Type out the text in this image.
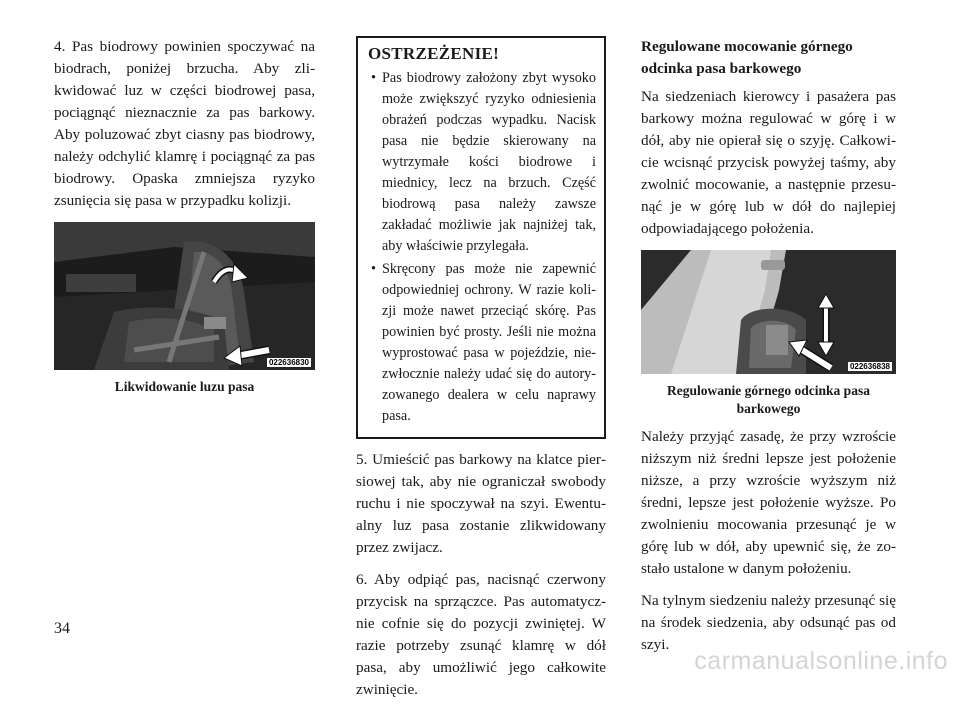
4. Pas biodrowy powinien spoczywać na biodrach, poniżej brzucha. Aby zlikwidować luz w części biodrowej pasa, pociągnąć nieznacznie za pas barkowy. Aby poluzować zbyt ciasny pas biodrowy, należy odchylić klamrę i pociągnąć za pas biodrowy. Opaska zmniejsza ryzyko zsunięcia się pasa w przypadku kolizji.

022636830
Likwidowanie luzu pasa
OSTRZEŻENIE!
• Pas biodrowy założony zbyt wysoko może zwiększyć ryzyko odniesienia obrażeń podczas wypadku. Nacisk pasa nie będzie skierowany na wytrzymałe kości biodrowe i miednicy, lecz na brzuch. Część biodrową pasa należy zawsze zakładać możliwie jak najniżej tak, aby właściwie przylegała.
• Skręcony pas może nie zapewnić odpowiedniej ochrony. W razie kolizji może nawet przeciąć skórę. Pas powinien być prosty. Jeśli nie można wyprostować pasa w pojeździe, niezwłocznie należy udać się do autoryzowanego dealera w celu naprawy pasa.

5. Umieścić pas barkowy na klatce piersiowej tak, aby nie ograniczał swobody ruchu i nie spoczywał na szyi. Ewentualny luz pasa zostanie zlikwidowany przez zwijacz.

6. Aby odpiąć pas, nacisnąć czerwony przycisk na sprzączce. Pas automatycznie cofnie się do pozycji zwiniętej. W razie potrzeby zsunąć klamrę w dół pasa, aby umożliwić jego całkowite zwinięcie.

Regulowane mocowanie górnego odcinka pasa barkowego

Na siedzeniach kierowcy i pasażera pas barkowy można regulować w górę i w dół, aby nie opierał się o szyję. Całkowicie wcisnąć przycisk powyżej taśmy, aby zwolnić mocowanie, a następnie przesunąć je w górę lub w dół do najlepiej odpowiadającego położenia.

022636838
Regulowanie górnego odcinka pasa barkowego

Należy przyjąć zasadę, że przy wzroście niższym niż średni lepsze jest położenie niższe, a przy wzroście wyższym niż średni, lepsze jest położenie wyższe. Po zwolnieniu mocowania przesunąć je w górę lub w dół, aby upewnić się, że zostało ustalone w danym położeniu.

Na tylnym siedzeniu należy przesunąć się na środek siedzenia, aby odsunąć pas od szyi.

34
carmanualsonline.info
